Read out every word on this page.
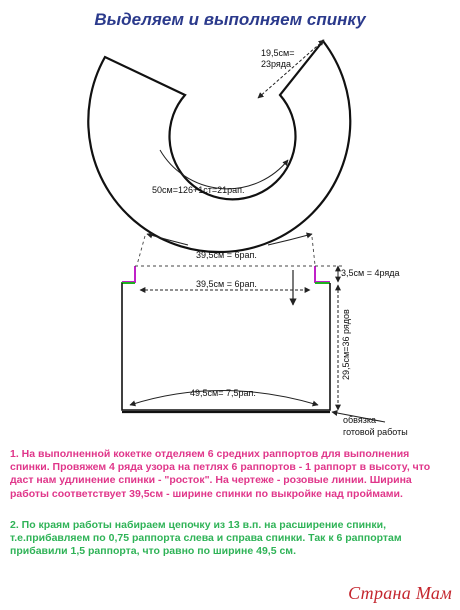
Выделяем и выполняем спинку
19,5см=
23ряда
50см=126+1ст=21рап.
39,5см = 6рап.
3,5см = 4ряда
39,5см = 6рап.
29,5см=36 рядов
49,5см= 7,5рап.
обвязка
готовой работы

1. На выполненной кокетке отделяем 6 средних раппортов для выполнения спинки. Провяжем 4 ряда узора на петлях 6 раппортов - 1 раппорт в высоту, что даст нам удлинение спинки - "росток". На чертеже - розовые линии. Ширина работы соответствует 39,5см - ширине спинки по выкройке над проймами.

2. По краям работы набираем цепочку из 13 в.п. на расширение спинки, т.е.прибавляем по 0,75 раппорта слева и справа спинки. Так к 6 раппортам прибавили 1,5 раппорта, что равно по ширине 49,5 см.

Страна Мам
